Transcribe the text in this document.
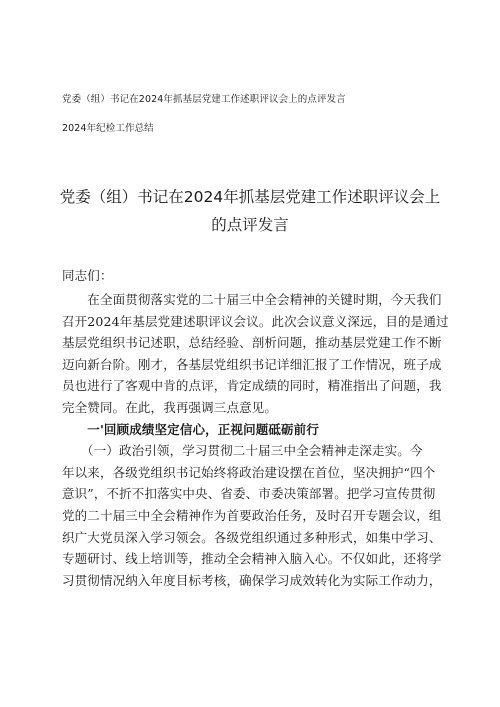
党委（组）书记在2024年抓基层党建工作述职评议会上的点评发言
2024年纪检工作总结
党委（组）书记在2024年抓基层党建工作述职评议会上
的点评发言
同志们：
　　在全面贯彻落实党的二十届三中全会精神的关键时期，今天我们
召开2024年基层党建述职评议会议。此次会议意义深远，目的是通过
基层党组织书记述职，总结经验、剖析问题，推动基层党建工作不断
迈向新台阶。刚才，各基层党组织书记详细汇报了工作情况，班子成
员也进行了客观中肯的点评，肯定成绩的同时，精准指出了问题，我
完全赞同。在此，我再强调三点意见。
　　一'回顾成绩坚定信心，正视问题砥砺前行
　　（一）政治引领，学习贯彻二十届三中全会精神走深走实。今
年以来，各级党组织书记始终将政治建设摆在首位，坚决拥护“四个
意识”，不折不扣落实中央、省委、市委决策部署。把学习宣传贯彻
党的二十届三中全会精神作为首要政治任务，及时召开专题会议，组
织广大党员深入学习领会。各级党组织通过多种形式，如集中学习、
专题研讨、线上培训等，推动全会精神入脑入心。不仅如此，还将学
习贯彻情况纳入年度目标考核，确保学习成效转化为实际工作动力，
